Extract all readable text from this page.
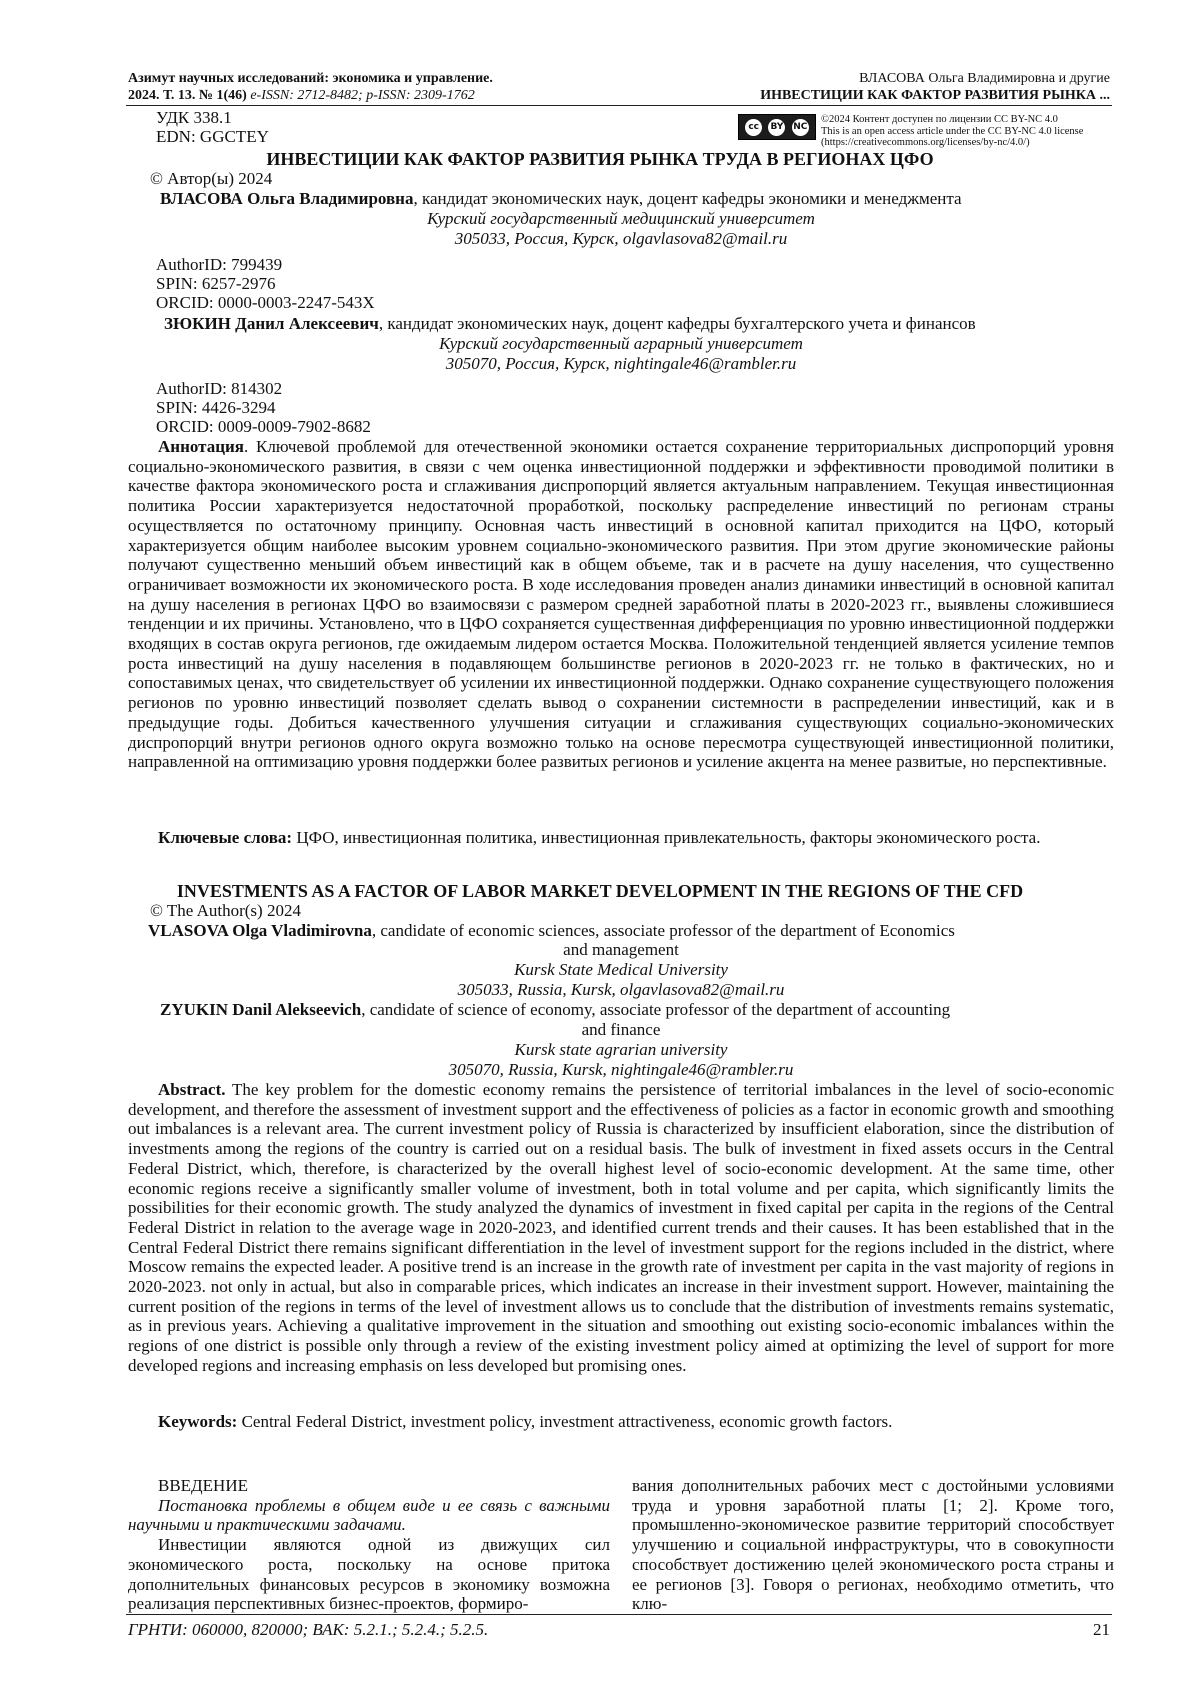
Азимут научных исследований: экономика и управление.
2024. Т. 13. № 1(46) e-ISSN: 2712-8482; p-ISSN: 2309-1762
ВЛАСОВА Ольга Владимировна и другие
ИНВЕСТИЦИИ КАК ФАКТОР РАЗВИТИЯ РЫНКА ...
УДК 338.1
EDN: GGCTEY	cc	BY NC
©2024 Контент доступен по лицензии CC BY-NC 4.0
This is an open access article under the CC BY-NC 4.0 license
(https://creativecommons.org/licenses/by-nc/4.0/)
ИНВЕСТИЦИИ КАК ФАКТОР РАЗВИТИЯ РЫНКА ТРУДА В РЕГИОНАХ ЦФО
© Автор(ы) 2024
ВЛАСОВА Ольга Владимировна, кандидат экономических наук, доцент кафедры экономики и менеджмента
Курский государственный медицинский университет
305033, Россия, Курск, olgavlasova82@mail.ru
AuthorID: 799439
SPIN: 6257-2976
ORCID: 0000-0003-2247-543X
ЗЮКИН Данил Алексеевич, кандидат экономических наук, доцент кафедры бухгалтерского учета и финансов
Курский государственный аграрный университет
305070, Россия, Курск, nightingale46@rambler.ru
AuthorID: 814302
SPIN: 4426-3294
ORCID: 0009-0009-7902-8682

Аннотация. Ключевой проблемой для отечественной экономики остается сохранение территориальных диспропорций уровня социально-экономического развития, в связи с чем оценка инвестиционной поддержки и эффективности проводимой политики в качестве фактора экономического роста и сглаживания диспропорций является актуальным направлением. Текущая инвестиционная политика России характеризуется недостаточной проработкой, поскольку распределение инвестиций по регионам страны осуществляется по остаточному принципу. Основная часть инвестиций в основной капитал приходится на ЦФО, который характеризуется общим наиболее высоким уровнем социально-экономического развития. При этом другие экономические районы получают существенно меньший объем инвестиций как в общем объеме, так и в расчете на душу населения, что существенно ограничивает возможности их экономического роста. В ходе исследования проведен анализ динамики инвестиций в основной капитал на душу населения в регионах ЦФО во взаимосвязи с размером средней заработной платы в 2020-2023 гг., выявлены сложившиеся тенденции и их причины. Установлено, что в ЦФО сохраняется существенная дифференциация по уровню инвестиционной поддержки входящих в состав округа регионов, где ожидаемым лидером остается Москва. Положительной тенденцией является усиление темпов роста инвестиций на душу населения в подавляющем большинстве регионов в 2020-2023 гг. не только в фактических, но и сопоставимых ценах, что свидетельствует об усилении их инвестиционной поддержки. Однако сохранение существующего положения регионов по уровню инвестиций позволяет сделать вывод о сохранении системности в распределении инвестиций, как и в предыдущие годы. Добиться качественного улучшения ситуации и сглаживания существующих социально-экономических диспропорций внутри регионов одного округа возможно только на основе пересмотра существующей инвестиционной политики, направленной на оптимизацию уровня поддержки более развитых регионов и усиление акцента на менее развитые, но перспективные.

Ключевые слова: ЦФО, инвестиционная политика, инвестиционная привлекательность, факторы экономического роста.

INVESTMENTS AS A FACTOR OF LABOR MARKET DEVELOPMENT IN THE REGIONS OF THE CFD
© The Author(s) 2024
VLASOVA Olga Vladimirovna, candidate of economic sciences, associate professor of the department of Economics
and management
Kursk State Medical University
305033, Russia, Kursk, olgavlasova82@mail.ru
ZYUKIN Danil Alekseevich, candidate of science of economy, associate professor of the department of accounting
and finance
Kursk state agrarian university
305070, Russia, Kursk, nightingale46@rambler.ru

Abstract. The key problem for the domestic economy remains the persistence of territorial imbalances in the level of socio-economic development, and therefore the assessment of investment support and the effectiveness of policies as a factor in economic growth and smoothing out imbalances is a relevant area. The current investment policy of Russia is characterized by insufficient elaboration, since the distribution of investments among the regions of the country is carried out on a residual basis. The bulk of investment in fixed assets occurs in the Central Federal District, which, therefore, is characterized by the overall highest level of socio-economic development. At the same time, other economic regions receive a significantly smaller volume of investment, both in total volume and per capita, which significantly limits the possibilities for their economic growth. The study analyzed the dynamics of investment in fixed capital per capita in the regions of the Central Federal District in relation to the average wage in 2020-2023, and identified current trends and their causes. It has been established that in the Central Federal District there remains significant differentiation in the level of investment support for the regions included in the district, where Moscow remains the expected leader. A positive trend is an increase in the growth rate of investment per capita in the vast majority of regions in 2020-2023. not only in actual, but also in comparable prices, which indicates an increase in their investment support. However, maintaining the current position of the regions in terms of the level of investment allows us to conclude that the distribution of investments remains systematic, as in previous years. Achieving a qualitative improvement in the situation and smoothing out existing socio-economic imbalances within the regions of one district is possible only through a review of the existing investment policy aimed at optimizing the level of support for more developed regions and increasing emphasis on less developed but promising ones.

Keywords: Central Federal District, investment policy, investment attractiveness, economic growth factors.

ВВЕДЕНИЕ

Постановка проблемы в общем виде и ее связь с важными научными и практическими задачами.

Инвестиции являются одной из движущих сил экономического роста, поскольку на основе притока дополнительных финансовых ресурсов в экономику возможна реализация перспективных бизнес-проектов, формиро-

вания дополнительных рабочих мест с достойными условиями труда и уровня заработной платы [1; 2]. Кроме того, промышленно-экономическое развитие территорий способствует улучшению и социальной инфраструктуры, что в совокупности способствует достижению целей экономического роста страны и ее регионов [3]. Говоря о регионах, необходимо отметить, что клю-

ГРНТИ: 060000, 820000; ВАК: 5.2.1.; 5.2.4.; 5.2.5.	21
